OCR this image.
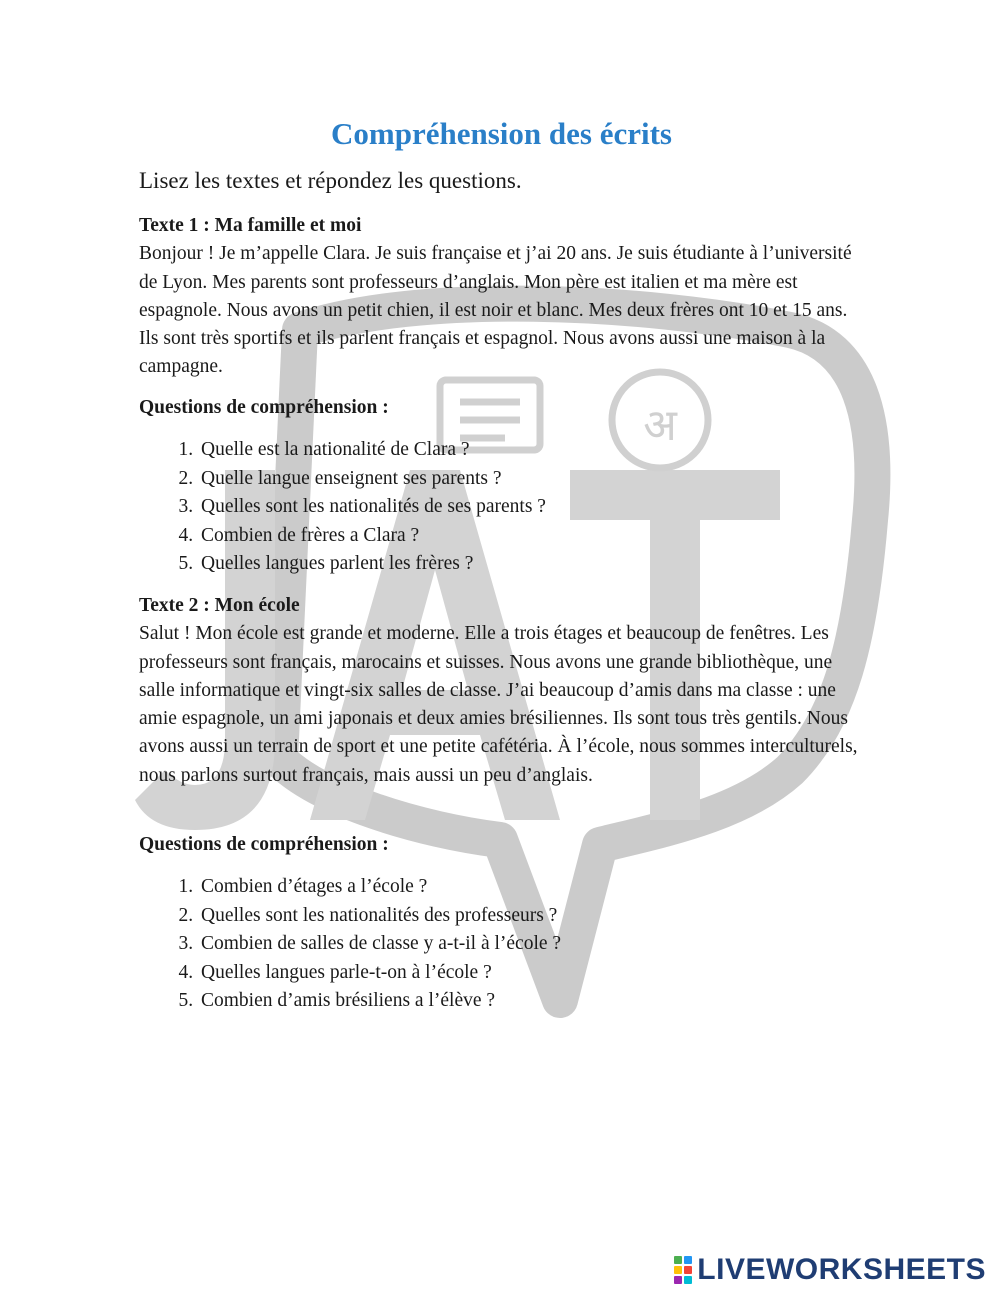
अ
Compréhension des écrits
Lisez les textes et répondez les questions.
Texte 1 : Ma famille et moi
Bonjour ! Je m’appelle Clara. Je suis française et j’ai 20 ans. Je suis étudiante à l’université de Lyon. Mes parents sont professeurs d’anglais. Mon père est italien et ma mère est espagnole. Nous avons un petit chien, il est noir et blanc. Mes deux frères ont 10 et 15 ans. Ils sont très sportifs et ils parlent français et espagnol. Nous avons aussi une maison à la campagne.
Questions de compréhension :
1. Quelle est la nationalité de Clara ?
2. Quelle langue enseignent ses parents ?
3. Quelles sont les nationalités de ses parents ?
4. Combien de frères a Clara ?
5. Quelles langues parlent les frères ?
Texte 2 : Mon école
Salut ! Mon école est grande et moderne. Elle a trois étages et beaucoup de fenêtres. Les professeurs sont français, marocains et suisses. Nous avons une grande bibliothèque, une salle informatique et vingt-six salles de classe. J’ai beaucoup d’amis dans ma classe : une amie espagnole, un ami japonais et deux amies brésiliennes. Ils sont tous très gentils. Nous avons aussi un terrain de sport et une petite cafétéria. À l’école, nous sommes interculturels, nous parlons surtout français, mais aussi un peu d’anglais.
Questions de compréhension :
1. Combien d’étages a l’école ?
2. Quelles sont les nationalités des professeurs ?
3. Combien de salles de classe y a-t-il à l’école ?
4. Quelles langues parle-t-on à l’école ?
5. Combien d’amis brésiliens a l’élève ?
LIVEWORKSHEETS
